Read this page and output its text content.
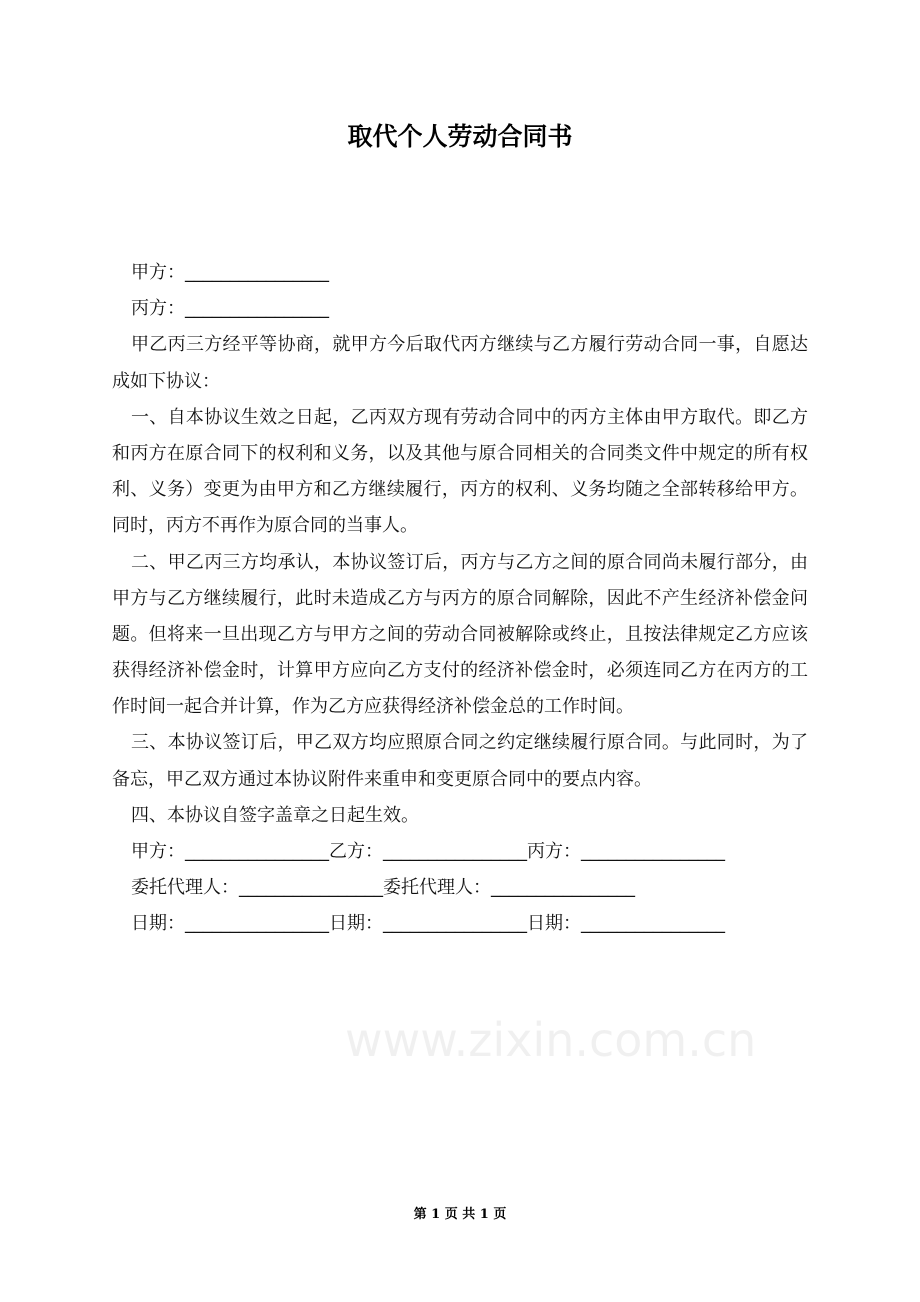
取代个人劳动合同书
甲方：________________
丙方：________________
甲乙丙三方经平等协商，就甲方今后取代丙方继续与乙方履行劳动合同一事，自愿达
成如下协议：
一、自本协议生效之日起，乙丙双方现有劳动合同中的丙方主体由甲方取代。即乙方
和丙方在原合同下的权利和义务，以及其他与原合同相关的合同类文件中规定的所有权
利、义务）变更为由甲方和乙方继续履行，丙方的权利、义务均随之全部转移给甲方。
同时，丙方不再作为原合同的当事人。
二、甲乙丙三方均承认，本协议签订后，丙方与乙方之间的原合同尚未履行部分，由
甲方与乙方继续履行，此时未造成乙方与丙方的原合同解除，因此不产生经济补偿金问
题。但将来一旦出现乙方与甲方之间的劳动合同被解除或终止，且按法律规定乙方应该
获得经济补偿金时，计算甲方应向乙方支付的经济补偿金时，必须连同乙方在丙方的工
作时间一起合并计算，作为乙方应获得经济补偿金总的工作时间。
三、本协议签订后，甲乙双方均应照原合同之约定继续履行原合同。与此同时，为了
备忘，甲乙双方通过本协议附件来重申和变更原合同中的要点内容。
四、本协议自签字盖章之日起生效。
甲方：________________乙方：________________丙方：________________
委托代理人：________________委托代理人：________________
日期：________________日期：________________日期：________________
www.zixin.com.cn
第 1 页 共 1 页
